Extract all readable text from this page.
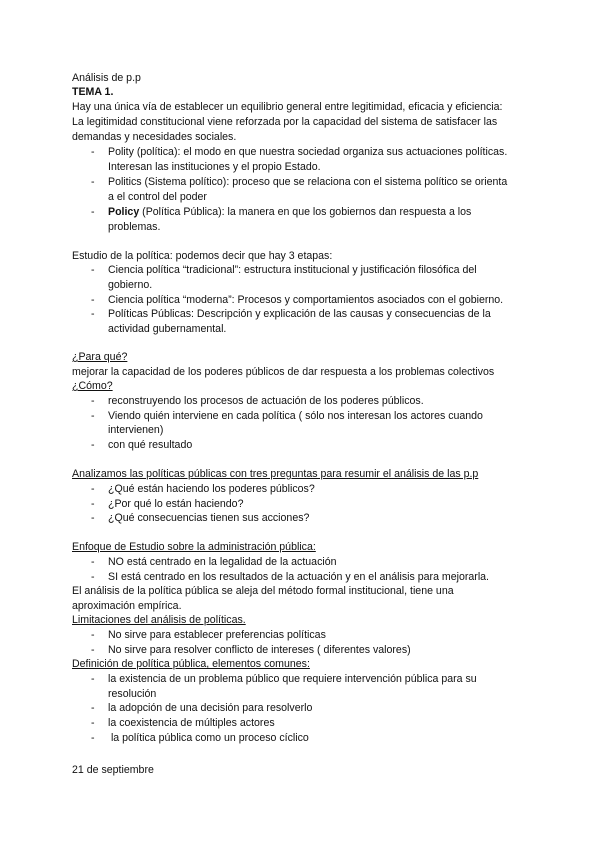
Análisis de p.p
TEMA 1.
Hay una única vía de establecer un equilibrio general entre legitimidad, eficacia y eficiencia:
La legitimidad constitucional viene reforzada por la capacidad del sistema de satisfacer las
demandas y necesidades sociales.
- Polity (política): el modo en que nuestra sociedad organiza sus actuaciones políticas.
Interesan las instituciones y el propio Estado.
- Politics (Sistema político): proceso que se relaciona con el sistema político se orienta
a el control del poder
- Policy (Política Pública): la manera en que los gobiernos dan respuesta a los
problemas.
Estudio de la política: podemos decir que hay 3 etapas:
- Ciencia política “tradicional”: estructura institucional y justificación filosófica del
gobierno.
- Ciencia política “moderna”: Procesos y comportamientos asociados con el gobierno.
- Políticas Públicas: Descripción y explicación de las causas y consecuencias de la
actividad gubernamental.
¿Para qué?
mejorar la capacidad de los poderes públicos de dar respuesta a los problemas colectivos
¿Cómo?
- reconstruyendo los procesos de actuación de los poderes públicos.
- Viendo quién interviene en cada política ( sólo nos interesan los actores cuando
intervienen)
- con qué resultado
Analizamos las políticas públicas con tres preguntas para resumir el análisis de las p.p
- ¿Qué están haciendo los poderes públicos?
- ¿Por qué lo están haciendo?
- ¿Qué consecuencias tienen sus acciones?
Enfoque de Estudio sobre la administración pública:
- NO está centrado en la legalidad de la actuación
- SI está centrado en los resultados de la actuación y en el análisis para mejorarla.
El análisis de la política pública se aleja del método formal institucional, tiene una
aproximación empírica.
Limitaciones del análisis de políticas.
- No sirve para establecer preferencias políticas
- No sirve para resolver conflicto de intereses ( diferentes valores)
Definición de política pública, elementos comunes:
- la existencia de un problema público que requiere intervención pública para su
resolución
- la adopción de una decisión para resolverlo
- la coexistencia de múltiples actores
- la política pública como un proceso cíclico
21 de septiembre
